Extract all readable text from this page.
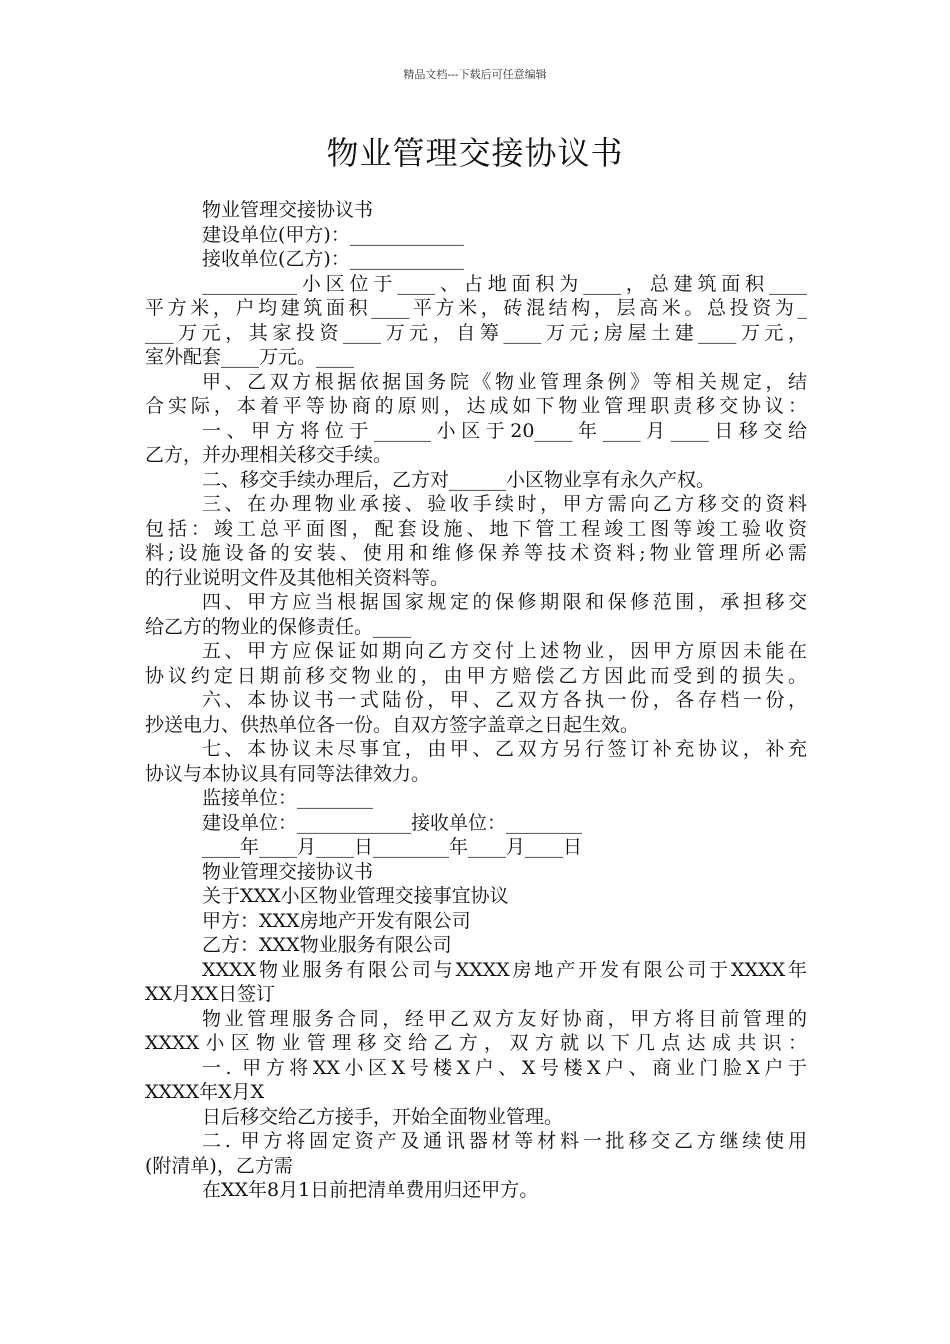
精品文档---下载后可任意编辑
物业管理交接协议书
物业管理交接协议书
建设单位(甲方)：____________
接收单位(乙方)：____________
__________小区位于____、占地面积为____，总建筑面积____
平方米，户均建筑面积____平方米，砖混结构，层高米。总投资为_
___万元，其家投资____万元，自筹____万元;房屋土建____万元，
室外配套____万元。____
甲、乙双方根据依据国务院《物业管理条例》等相关规定，结
合实际，本着平等协商的原则，达成如下物业管理职责移交协议：
一、甲方将位于______小区于20____年____月____日移交给
乙方，并办理相关移交手续。
二、移交手续办理后，乙方对______小区物业享有永久产权。
三、在办理物业承接、验收手续时，甲方需向乙方移交的资料
包括：竣工总平面图，配套设施、地下管工程竣工图等竣工验收资
料;设施设备的安装、使用和维修保养等技术资料;物业管理所必需
的行业说明文件及其他相关资料等。
四、甲方应当根据国家规定的保修期限和保修范围，承担移交
给乙方的物业的保修责任。____
五、甲方应保证如期向乙方交付上述物业，因甲方原因未能在
协议约定日期前移交物业的，由甲方赔偿乙方因此而受到的损失。
六、本协议书一式陆份，甲、乙双方各执一份，各存档一份，
抄送电力、供热单位各一份。自双方签字盖章之日起生效。
七、本协议未尽事宜，由甲、乙双方另行签订补充协议，补充
协议与本协议具有同等法律效力。
监接单位：________
建设单位：____________接收单位：________
____年____月____日________年____月____日
物业管理交接协议书
关于XXX小区物业管理交接事宜协议
甲方：XXX房地产开发有限公司
乙方：XXX物业服务有限公司
XXXX物业服务有限公司与XXXX房地产开发有限公司于XXXX年
XX月XX日签订
物业管理服务合同，经甲乙双方友好协商，甲方将目前管理的
XXXX小区物业管理移交给乙方，双方就以下几点达成共识：
一. 甲方将XX小区X号楼X户、X号楼X户、商业门脸X户于
XXXX年X月X
日后移交给乙方接手，开始全面物业管理。
二. 甲方将固定资产及通讯器材等材料一批移交乙方继续使用
(附清单)，乙方需
在XX年8月1日前把清单费用归还甲方。
